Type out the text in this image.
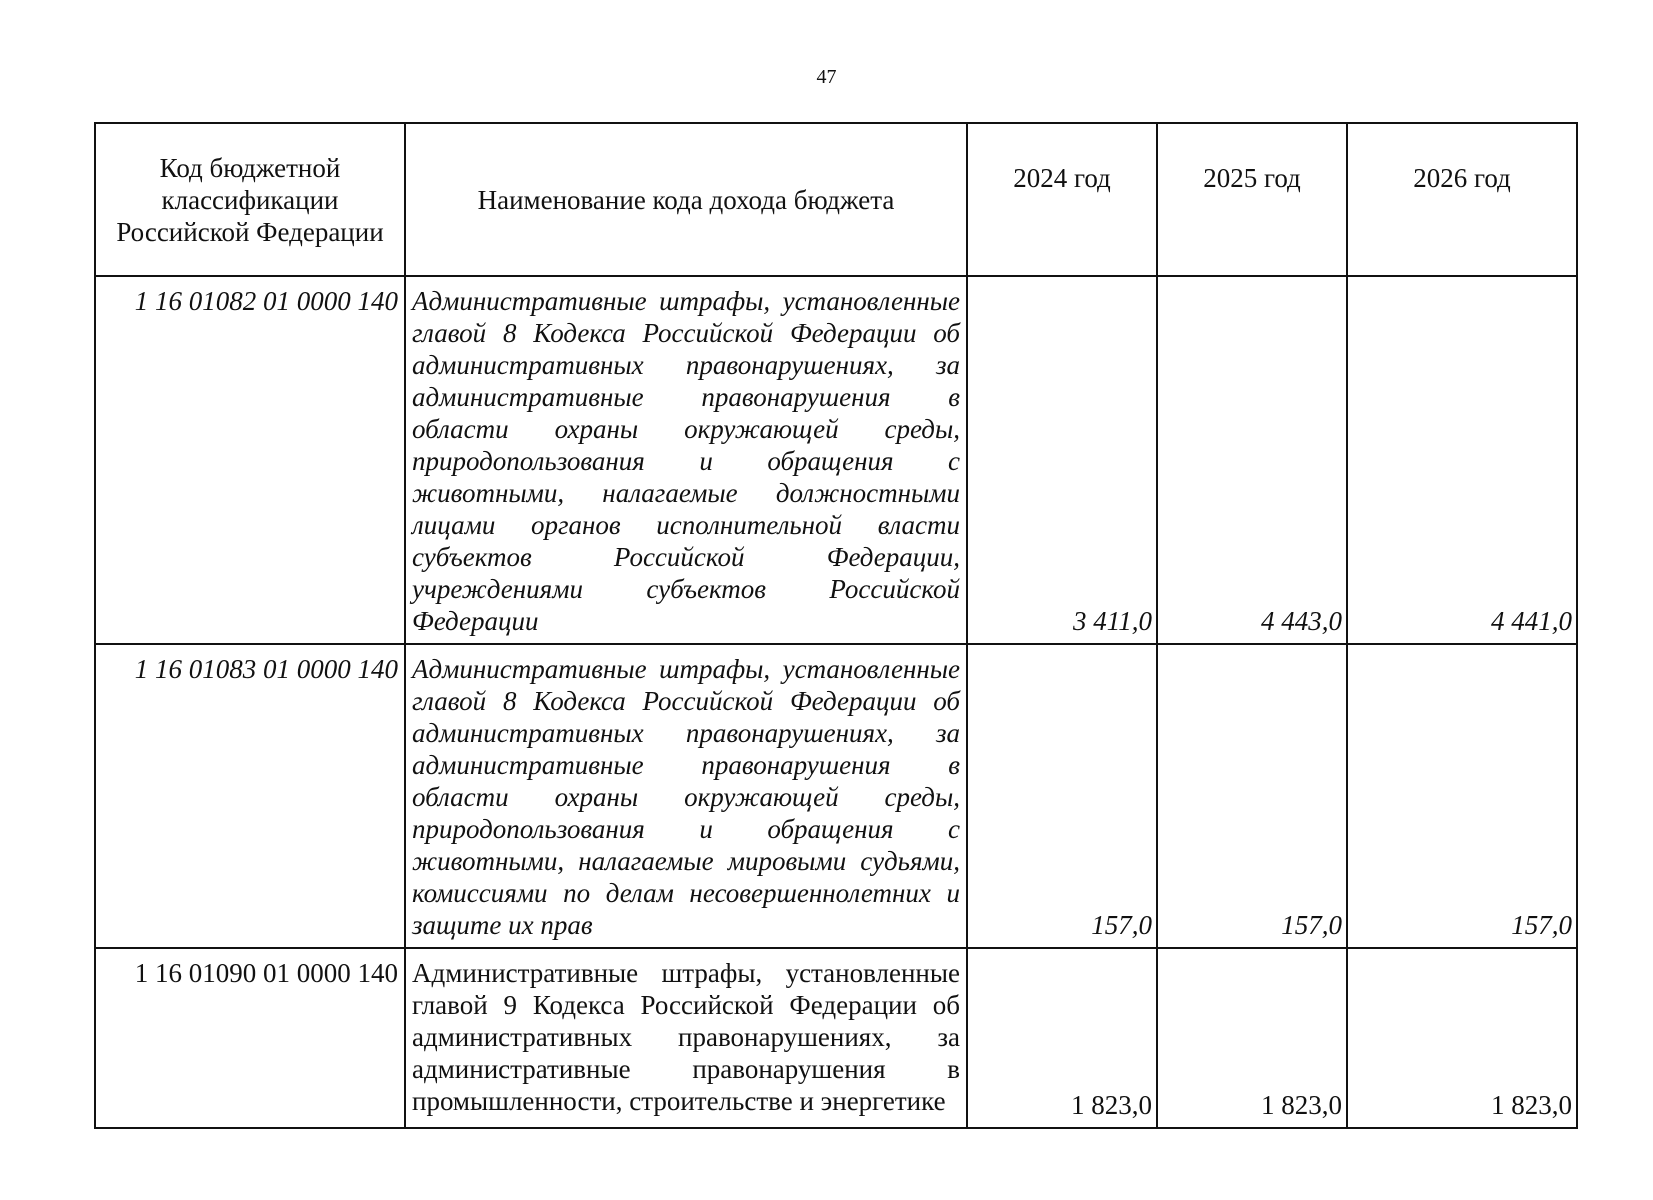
47
Код бюджетной классификации Российской Федерации	Наименование кода дохода бюджета	2024 год	2025 год	2026 год
1 16 01082 01 0000 140	Административные штрафы, установленные главой 8 Кодекса Российской Федерации об административных правонарушениях, за административные правонарушения в области охраны окружающей среды, природопользования и обращения с животными, налагаемые должностными лицами органов исполнительной власти субъектов Российской Федерации, учреждениями субъектов Российской Федерации	3 411,0	4 443,0	4 441,0
1 16 01083 01 0000 140	Административные штрафы, установленные главой 8 Кодекса Российской Федерации об административных правонарушениях, за административные правонарушения в области охраны окружающей среды, природопользования и обращения с животными, налагаемые мировыми судьями, комиссиями по делам несовершеннолетних и защите их прав	157,0	157,0	157,0
1 16 01090 01 0000 140	Административные штрафы, установленные главой 9 Кодекса Российской Федерации об административных правонарушениях, за административные правонарушения в промышленности, строительстве и энергетике	1 823,0	1 823,0	1 823,0
